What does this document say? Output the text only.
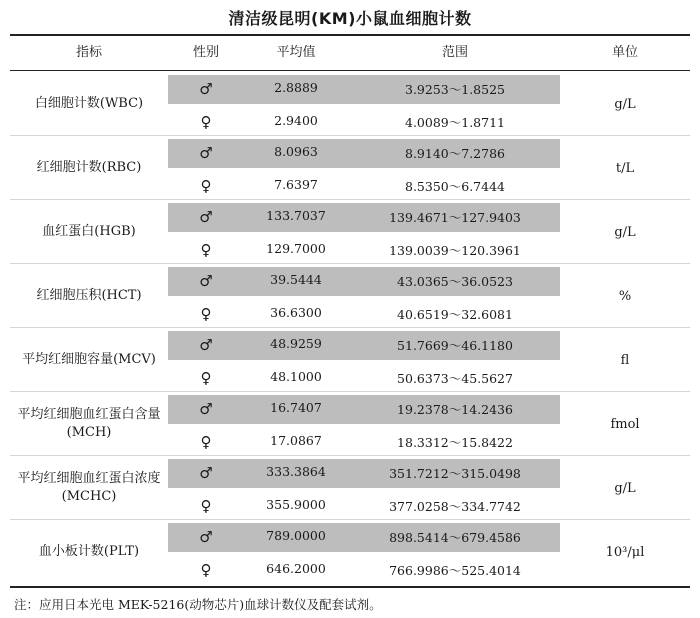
清洁级昆明(KM)小鼠血细胞计数
指标	性别	平均值	范围	单位
白细胞计数(WBC)
♂	2.8889	3.9253～1.8525
♀	2.9400	4.0089～1.8711
g/L
红细胞计数(RBC)
♂	8.0963	8.9140～7.2786
♀	7.6397	8.5350～6.7444
t/L
血红蛋白(HGB)
♂	133.7037	139.4671～127.9403
♀	129.7000	139.0039～120.3961
g/L
红细胞压积(HCT)
♂	39.5444	43.0365～36.0523
♀	36.6300	40.6519～32.6081
%
平均红细胞容量(MCV)
♂	48.9259	51.7669～46.1180
♀	48.1000	50.6373～45.5627
fl
平均红细胞血红蛋白含量(MCH)
♂	16.7407	19.2378～14.2436
♀	17.0867	18.3312～15.8422
fmol
平均红细胞血红蛋白浓度(MCHC)
♂	333.3864	351.7212～315.0498
♀	355.9000	377.0258～334.7742
g/L
血小板计数(PLT)
♂	789.0000	898.5414～679.4586
♀	646.2000	766.9986～525.4014
10³/μl
注：应用日本光电 MEK-5216(动物芯片)血球计数仪及配套试剂。
